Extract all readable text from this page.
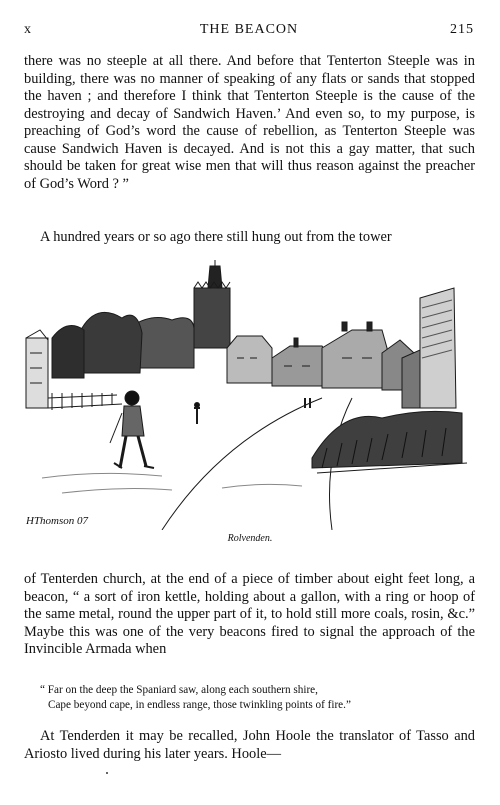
x	THE BEACON	215

there was no steeple at all there. And before that Tenterton Steeple was in building, there was no manner of speaking of any flats or sands that stopped the haven ; and therefore I think that Tenterton Steeple is the cause of the destroying and decay of Sandwich Haven.’ And even so, to my purpose, is preaching of God’s word the cause of rebellion, as Tenterton Steeple was cause Sandwich Haven is decayed. And is not this a gay matter, that such should be taken for great wise men that will thus reason against the preacher of God’s Word ? ”

A hundred years or so ago there still hung out from the tower

HThomson 07
Rolvenden.

of Tenterden church, at the end of a piece of timber about eight feet long, a beacon, “ a sort of iron kettle, holding about a gallon, with a ring or hoop of the same metal, round the upper part of it, to hold still more coals, rosin, &c.” Maybe this was one of the very beacons fired to signal the approach of the Invincible Armada when

“ Far on the deep the Spaniard saw, along each southern shire,
Cape beyond cape, in endless range, those twinkling points of fire.”

At Tenderden it may be recalled, John Hoole the translator of Tasso and Ariosto lived during his later years. Hoole—
